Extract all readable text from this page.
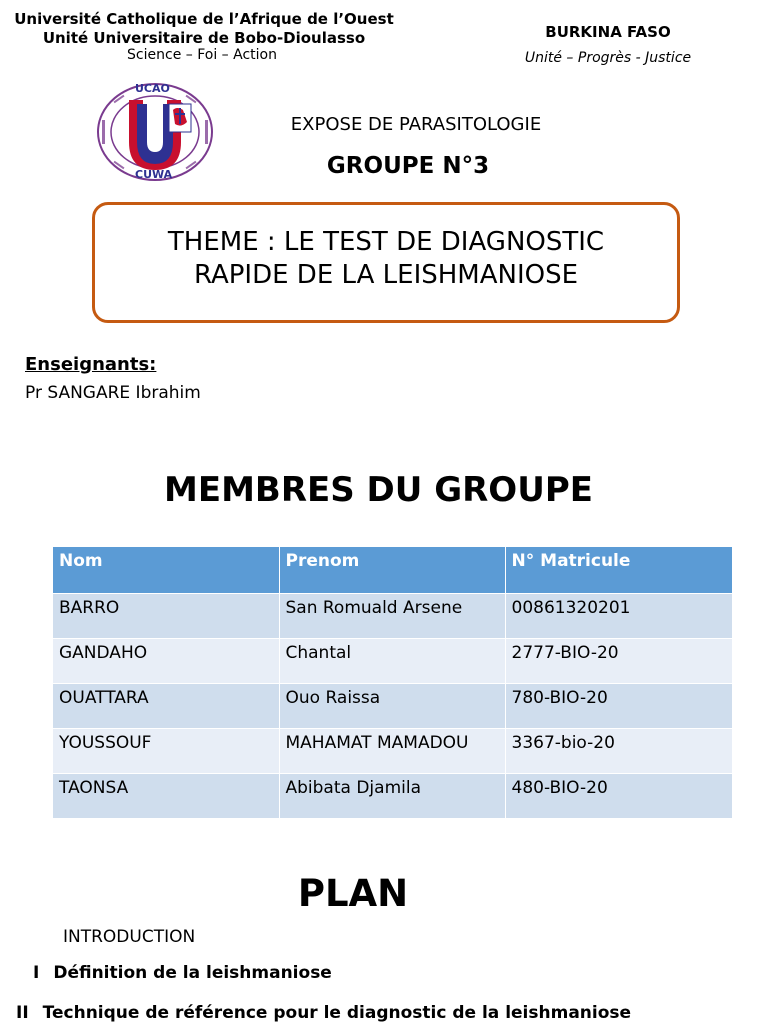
Université Catholique de l’Afrique de l’Ouest
Unité Universitaire de Bobo-Dioulasso
Science – Foi – Action
BURKINA FASO
Unité – Progrès - Justice
UCAO
CUWA
EXPOSE DE PARASITOLOGIE
GROUPE N°3
THEME : LE TEST DE DIAGNOSTIC RAPIDE DE LA LEISHMANIOSE
Enseignants:
Pr SANGARE Ibrahim
MEMBRES DU GROUPE
Nom	Prenom	N° Matricule
BARRO	San Romuald Arsene	00861320201
GANDAHO	Chantal	2777-BIO-20
OUATTARA	Ouo Raissa	780-BIO-20
YOUSSOUF	MAHAMAT MAMADOU	3367-bio-20
TAONSA	Abibata Djamila	480-BIO-20
PLAN
INTRODUCTION
I Définition de la leishmaniose
II Technique de référence pour le diagnostic de la leishmaniose
